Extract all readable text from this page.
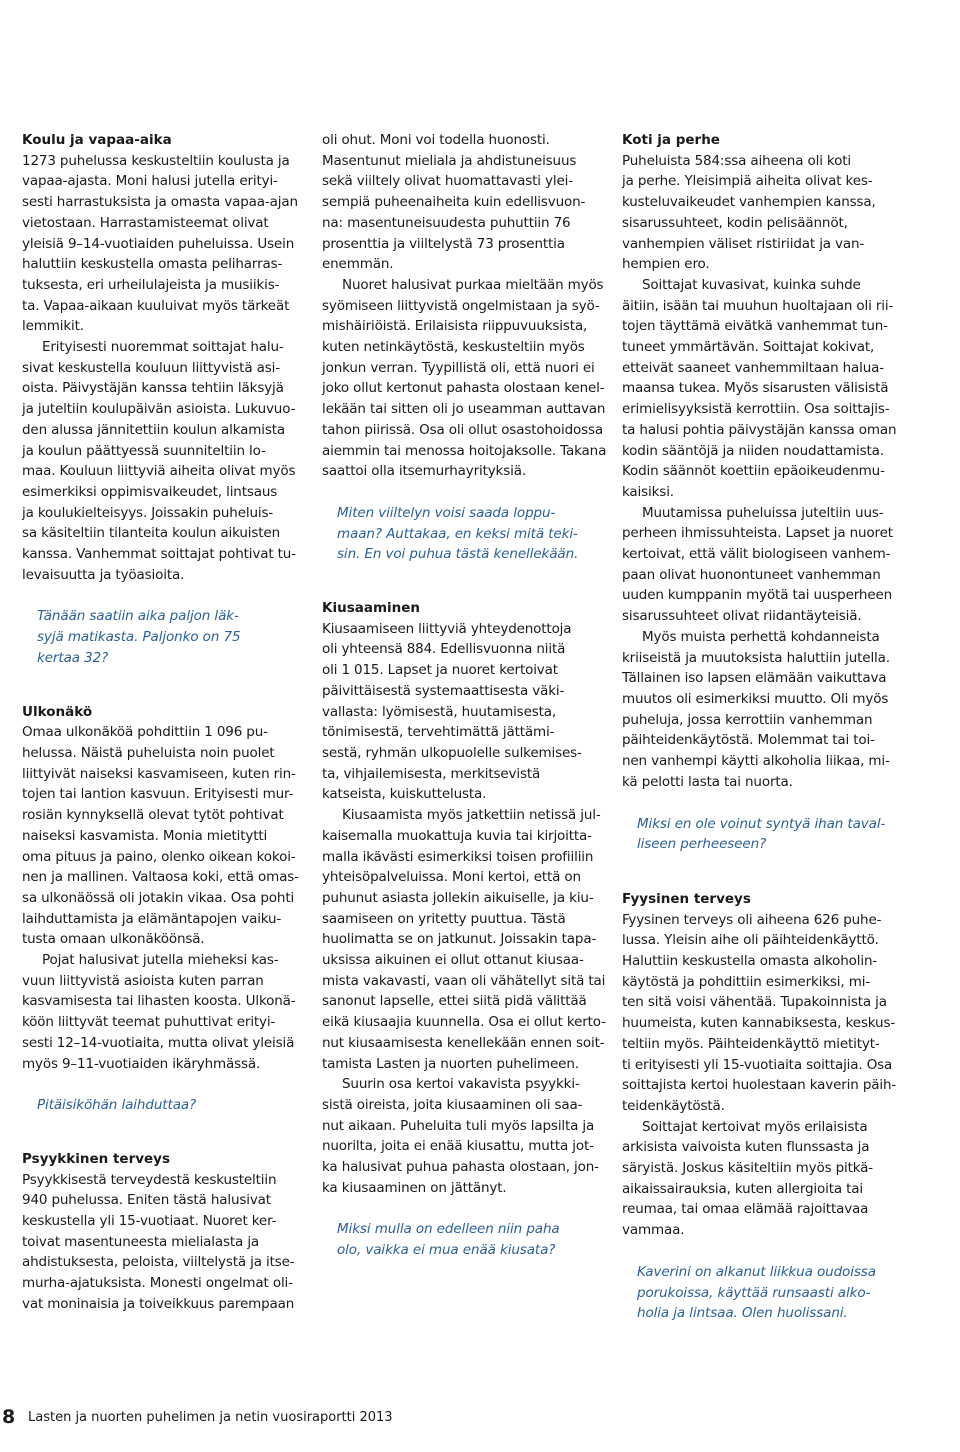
Koulu ja vapaa-aika
1273 puhelussa keskusteltiin koulusta ja
vapaa-ajasta. Moni halusi jutella erityi-
sesti harrastuksista ja omasta vapaa-ajan
vietostaan. Harrastamisteemat olivat
yleisiä 9–14-vuotiaiden puheluissa. Usein
haluttiin keskustella omasta peliharras-
tuksesta, eri urheilulajeista ja musiikis-
ta. Vapaa-aikaan kuuluivat myös tärkeät
lemmikit.
Erityisesti nuoremmat soittajat halu-
sivat keskustella kouluun liittyvistä asi-
oista. Päivystäjän kanssa tehtiin läksyjä
ja juteltiin koulupäivän asioista. Lukuvuo-
den alussa jännitettiin koulun alkamista
ja koulun päättyessä suunniteltiin lo-
maa. Kouluun liittyviä aiheita olivat myös
esimerkiksi oppimisvaikeudet, lintsaus
ja koulukielteisyys. Joissakin puheluis-
sa käsiteltiin tilanteita koulun aikuisten
kanssa. Vanhemmat soittajat pohtivat tu-
levaisuutta ja työasioita.
Tänään saatiin aika paljon läk-
syjä matikasta. Paljonko on 75
kertaa 32?
Ulkonäkö
Omaa ulkonäköä pohdittiin 1 096 pu-
helussa. Näistä puheluista noin puolet
liittyivät naiseksi kasvamiseen, kuten rin-
tojen tai lantion kasvuun. Erityisesti mur-
rosiän kynnyksellä olevat tytöt pohtivat
naiseksi kasvamista. Monia mietitytti
oma pituus ja paino, olenko oikean kokoi-
nen ja mallinen. Valtaosa koki, että omas-
sa ulkonäössä oli jotakin vikaa. Osa pohti
laihduttamista ja elämäntapojen vaiku-
tusta omaan ulkonäköönsä.
Pojat halusivat jutella mieheksi kas-
vuun liittyvistä asioista kuten parran
kasvamisesta tai lihasten koosta. Ulkonä-
köön liittyvät teemat puhuttivat erityi-
sesti 12–14-vuotiaita, mutta olivat yleisiä
myös 9–11-vuotiaiden ikäryhmässä.
Pitäisiköhän laihduttaa?
Psyykkinen terveys
Psyykkisestä terveydestä keskusteltiin
940 puhelussa. Eniten tästä halusivat
keskustella yli 15-vuotiaat. Nuoret ker-
toivat masentuneesta mielialasta ja
ahdistuksesta, peloista, viiltelystä ja itse-
murha-ajatuksista. Monesti ongelmat oli-
vat moninaisia ja toiveikkuus parempaan
oli ohut. Moni voi todella huonosti.
Masentunut mieliala ja ahdistuneisuus
sekä viiltely olivat huomattavasti ylei-
sempiä puheenaiheita kuin edellisvuon-
na: masentuneisuudesta puhuttiin 76
prosenttia ja viiltelystä 73 prosenttia
enemmän.
Nuoret halusivat purkaa mieltään myös
syömiseen liittyvistä ongelmistaan ja syö-
mishäiriöistä. Erilaisista riippuvuuksista,
kuten netinkäytöstä, keskusteltiin myös
jonkun verran. Tyypillistä oli, että nuori ei
joko ollut kertonut pahasta olostaan kenel-
lekään tai sitten oli jo useamman auttavan
tahon piirissä. Osa oli ollut osastohoidossa
aiemmin tai menossa hoitojaksolle. Takana
saattoi olla itsemurhayrityksiä.
Miten viiltelyn voisi saada loppu-
maan? Auttakaa, en keksi mitä teki-
sin. En voi puhua tästä kenellekään.
Kiusaaminen
Kiusaamiseen liittyviä yhteydenottoja
oli yhteensä 884. Edellisvuonna niitä
oli 1 015. Lapset ja nuoret kertoivat
päivittäisestä systemaattisesta väki-
vallasta: lyömisestä, huutamisesta,
tönimisestä, tervehtimättä jättämi-
sestä, ryhmän ulkopuolelle sulkemises-
ta, vihjailemisesta, merkitsevistä
katseista, kuiskuttelusta.
Kiusaamista myös jatkettiin netissä jul-
kaisemalla muokattuja kuvia tai kirjoitta-
malla ikävästi esimerkiksi toisen profiiliin
yhteisöpalveluissa. Moni kertoi, että on
puhunut asiasta jollekin aikuiselle, ja kiu-
saamiseen on yritetty puuttua. Tästä
huolimatta se on jatkunut. Joissakin tapa-
uksissa aikuinen ei ollut ottanut kiusaa-
mista vakavasti, vaan oli vähätellyt sitä tai
sanonut lapselle, ettei siitä pidä välittää
eikä kiusaajia kuunnella. Osa ei ollut kerto-
nut kiusaamisesta kenellekään ennen soit-
tamista Lasten ja nuorten puhelimeen.
Suurin osa kertoi vakavista psyykki-
sistä oireista, joita kiusaaminen oli saa-
nut aikaan. Puheluita tuli myös lapsilta ja
nuorilta, joita ei enää kiusattu, mutta jot-
ka halusivat puhua pahasta olostaan, jon-
ka kiusaaminen on jättänyt.
Miksi mulla on edelleen niin paha
olo, vaikka ei mua enää kiusata?
Koti ja perhe
Puheluista 584:ssa aiheena oli koti
ja perhe. Yleisimpiä aiheita olivat kes-
kusteluvaikeudet vanhempien kanssa,
sisarussuhteet, kodin pelisäännöt,
vanhempien väliset ristiriidat ja van-
hempien ero.
Soittajat kuvasivat, kuinka suhde
äitiin, isään tai muuhun huoltajaan oli rii-
tojen täyttämä eivätkä vanhemmat tun-
tuneet ymmärtävän. Soittajat kokivat,
etteivät saaneet vanhemmiltaan halua-
maansa tukea. Myös sisarusten välisistä
erimielisyyksistä kerrottiin. Osa soittajis-
ta halusi pohtia päivystäjän kanssa oman
kodin sääntöjä ja niiden noudattamista.
Kodin säännöt koettiin epäoikeudenmu-
kaisiksi.
Muutamissa puheluissa juteltiin uus-
perheen ihmissuhteista. Lapset ja nuoret
kertoivat, että välit biologiseen vanhem-
paan olivat huonontuneet vanhemman
uuden kumppanin myötä tai uusperheen
sisarussuhteet olivat riidantäyteisiä.
Myös muista perhettä kohdanneista
kriiseistä ja muutoksista haluttiin jutella.
Tällainen iso lapsen elämään vaikuttava
muutos oli esimerkiksi muutto. Oli myös
puheluja, jossa kerrottiin vanhemman
päihteidenkäytöstä. Molemmat tai toi-
nen vanhempi käytti alkoholia liikaa, mi-
kä pelotti lasta tai nuorta.
Miksi en ole voinut syntyä ihan taval-
liseen perheeseen?
Fyysinen terveys
Fyysinen terveys oli aiheena 626 puhe-
lussa. Yleisin aihe oli päihteidenkäyttö.
Haluttiin keskustella omasta alkoholin-
käytöstä ja pohdittiin esimerkiksi, mi-
ten sitä voisi vähentää. Tupakoinnista ja
huumeista, kuten kannabiksesta, keskus-
teltiin myös. Päihteidenkäyttö mietityt-
ti erityisesti yli 15-vuotiaita soittajia. Osa
soittajista kertoi huolestaan kaverin päih-
teidenkäytöstä.
Soittajat kertoivat myös erilaisista
arkisista vaivoista kuten flunssasta ja
säryistä. Joskus käsiteltiin myös pitkä-
aikaissairauksia, kuten allergioita tai
reumaa, tai omaa elämää rajoittavaa
vammaa.
Kaverini on alkanut liikkua oudoissa
porukoissa, käyttää runsaasti alko-
holia ja lintsaa. Olen huolissani.
8 Lasten ja nuorten puhelimen ja netin vuosiraportti 2013
